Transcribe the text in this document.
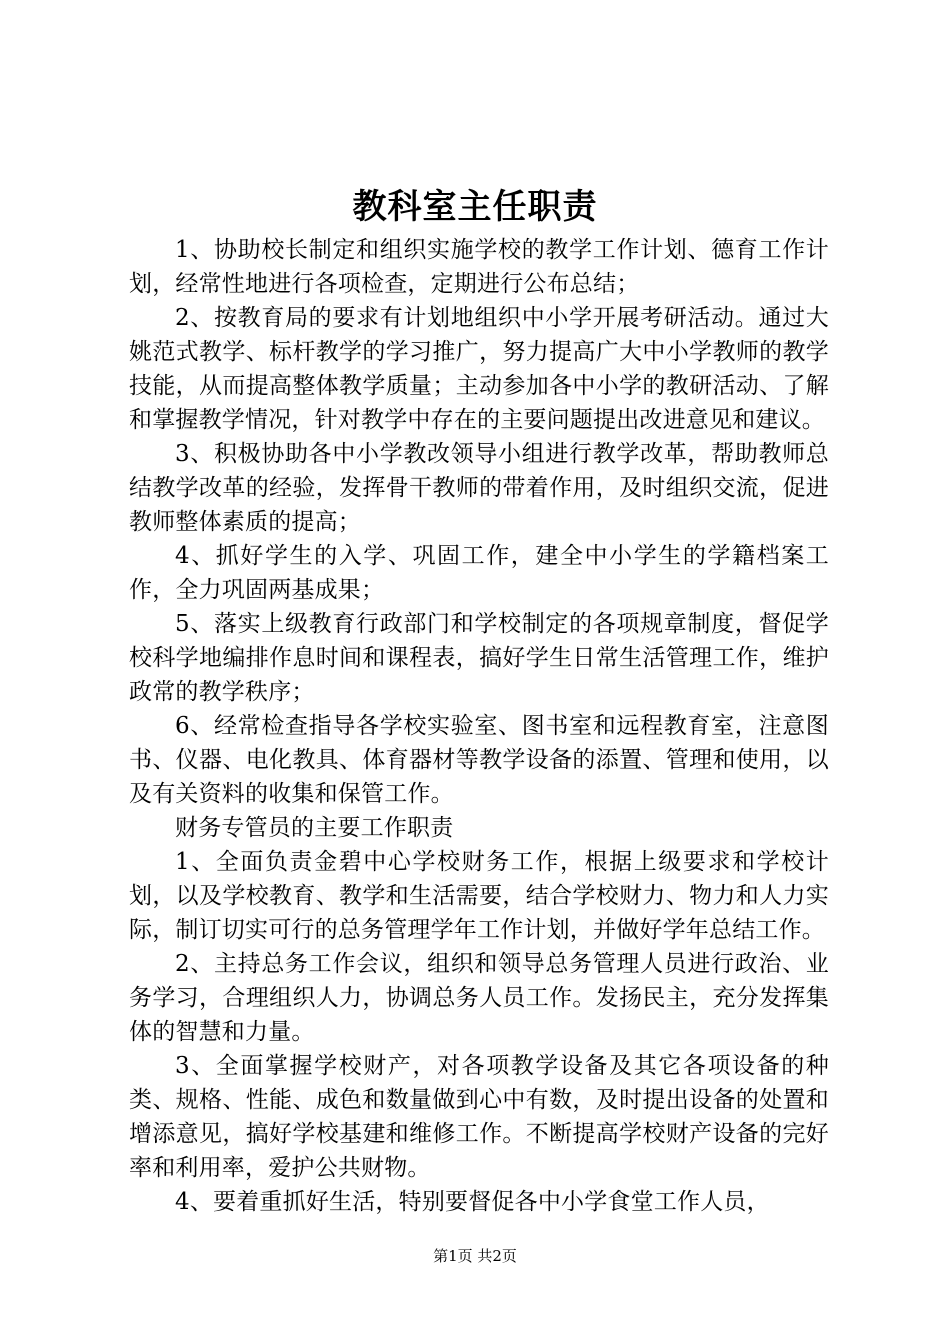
教科室主任职责

1、协助校长制定和组织实施学校的教学工作计划、德育工作计划，经常性地进行各项检查，定期进行公布总结；

2、按教育局的要求有计划地组织中小学开展考研活动。通过大姚范式教学、标杆教学的学习推广，努力提高广大中小学教师的教学技能，从而提高整体教学质量；主动参加各中小学的教研活动、了解和掌握教学情况，针对教学中存在的主要问题提出改进意见和建议。

3、积极协助各中小学教改领导小组进行教学改革，帮助教师总结教学改革的经验，发挥骨干教师的带着作用，及时组织交流，促进教师整体素质的提高；

4、抓好学生的入学、巩固工作，建全中小学生的学籍档案工作，全力巩固两基成果；

5、落实上级教育行政部门和学校制定的各项规章制度，督促学校科学地编排作息时间和课程表，搞好学生日常生活管理工作，维护政常的教学秩序；

6、经常检查指导各学校实验室、图书室和远程教育室，注意图书、仪器、电化教具、体育器材等教学设备的添置、管理和使用，以及有关资料的收集和保管工作。

财务专管员的主要工作职责

1、全面负责金碧中心学校财务工作，根据上级要求和学校计划，以及学校教育、教学和生活需要，结合学校财力、物力和人力实际，制订切实可行的总务管理学年工作计划，并做好学年总结工作。

2、主持总务工作会议，组织和领导总务管理人员进行政治、业务学习，合理组织人力，协调总务人员工作。发扬民主，充分发挥集体的智慧和力量。

3、全面掌握学校财产，对各项教学设备及其它各项设备的种类、规格、性能、成色和数量做到心中有数，及时提出设备的处置和增添意见，搞好学校基建和维修工作。不断提高学校财产设备的完好率和利用率，爱护公共财物。

4、要着重抓好生活，特别要督促各中小学食堂工作人员，

第1页 共2页
